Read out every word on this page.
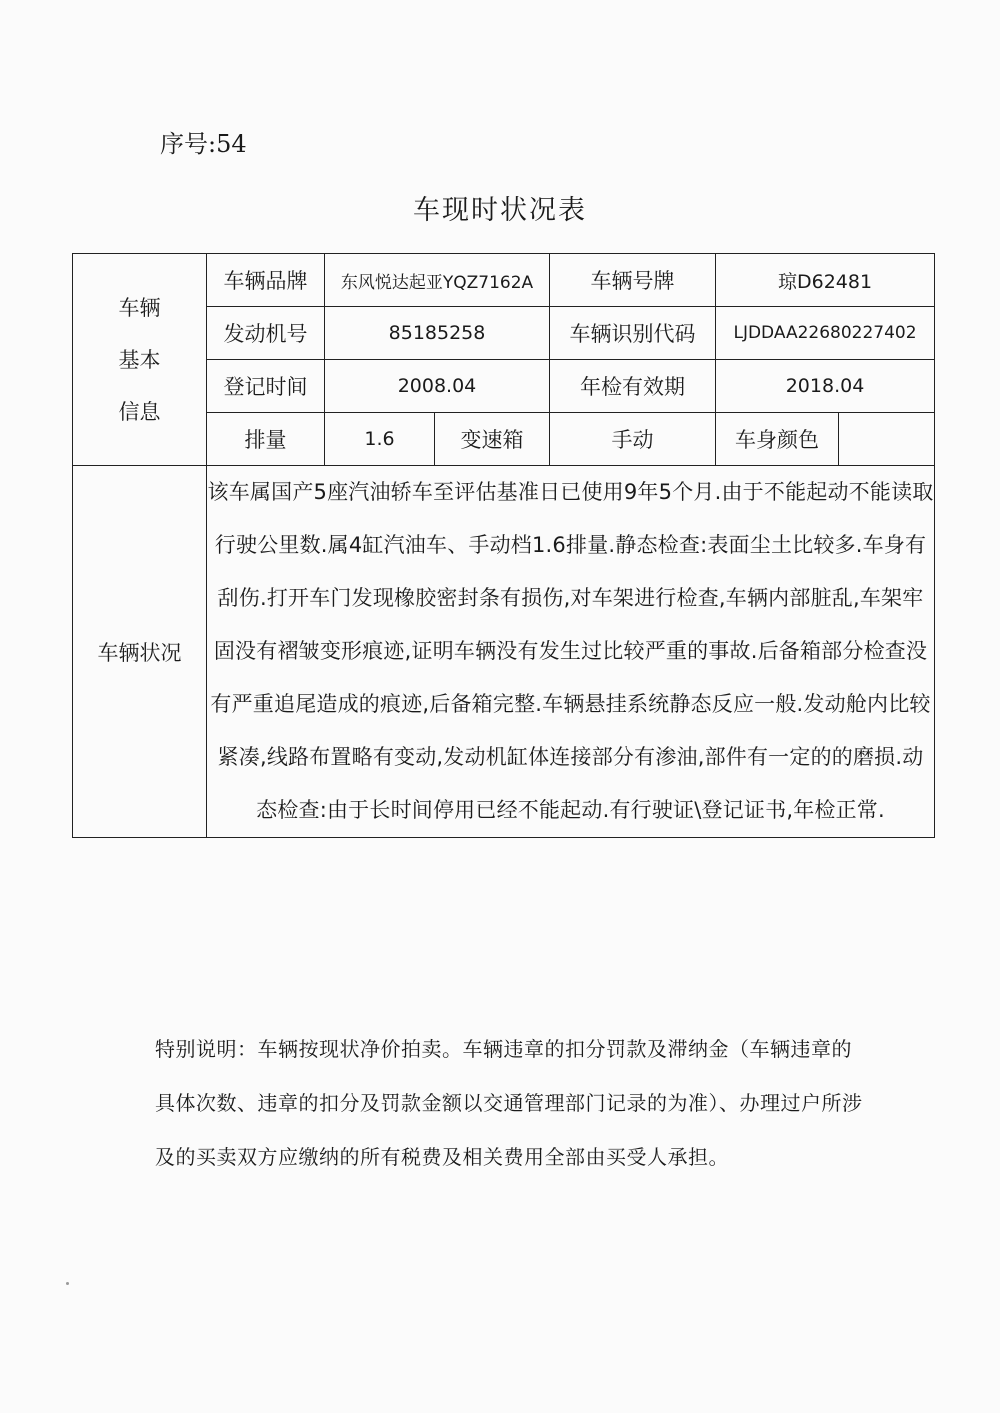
序号:54
车现时状况表
车辆
基本
信息	车辆品牌	东风悦达起亚YQZ7162A		车辆号牌	琼D62481	
	发动机号	85185258		车辆识别代码	LJDDAA22680227402	
	登记时间	2008.04		年检有效期	2018.04	
	排量	1.6	变速箱	手动	车身颜色	
车辆状况	该车属国产5座汽油轿车至评估基准日已使用9年5个月.由于不能起动不能读取行驶公里数.属4缸汽油车、手动档1.6排量.静态检查:表面尘土比较多.车身有刮伤.打开车门发现橡胶密封条有损伤,对车架进行检查,车辆内部脏乱,车架牢固没有褶皱变形痕迹,证明车辆没有发生过比较严重的事故.后备箱部分检查没有严重追尾造成的痕迹,后备箱完整.车辆悬挂系统静态反应一般.发动舱内比较紧凑,线路布置略有变动,发动机缸体连接部分有渗油,部件有一定的的磨损.动态检查:由于长时间停用已经不能起动.有行驶证\登记证书,年检正常.					
特别说明：车辆按现状净价拍卖。车辆违章的扣分罚款及滞纳金（车辆违章的具体次数、违章的扣分及罚款金额以交通管理部门记录的为准）、办理过户所涉及的买卖双方应缴纳的所有税费及相关费用全部由买受人承担。
